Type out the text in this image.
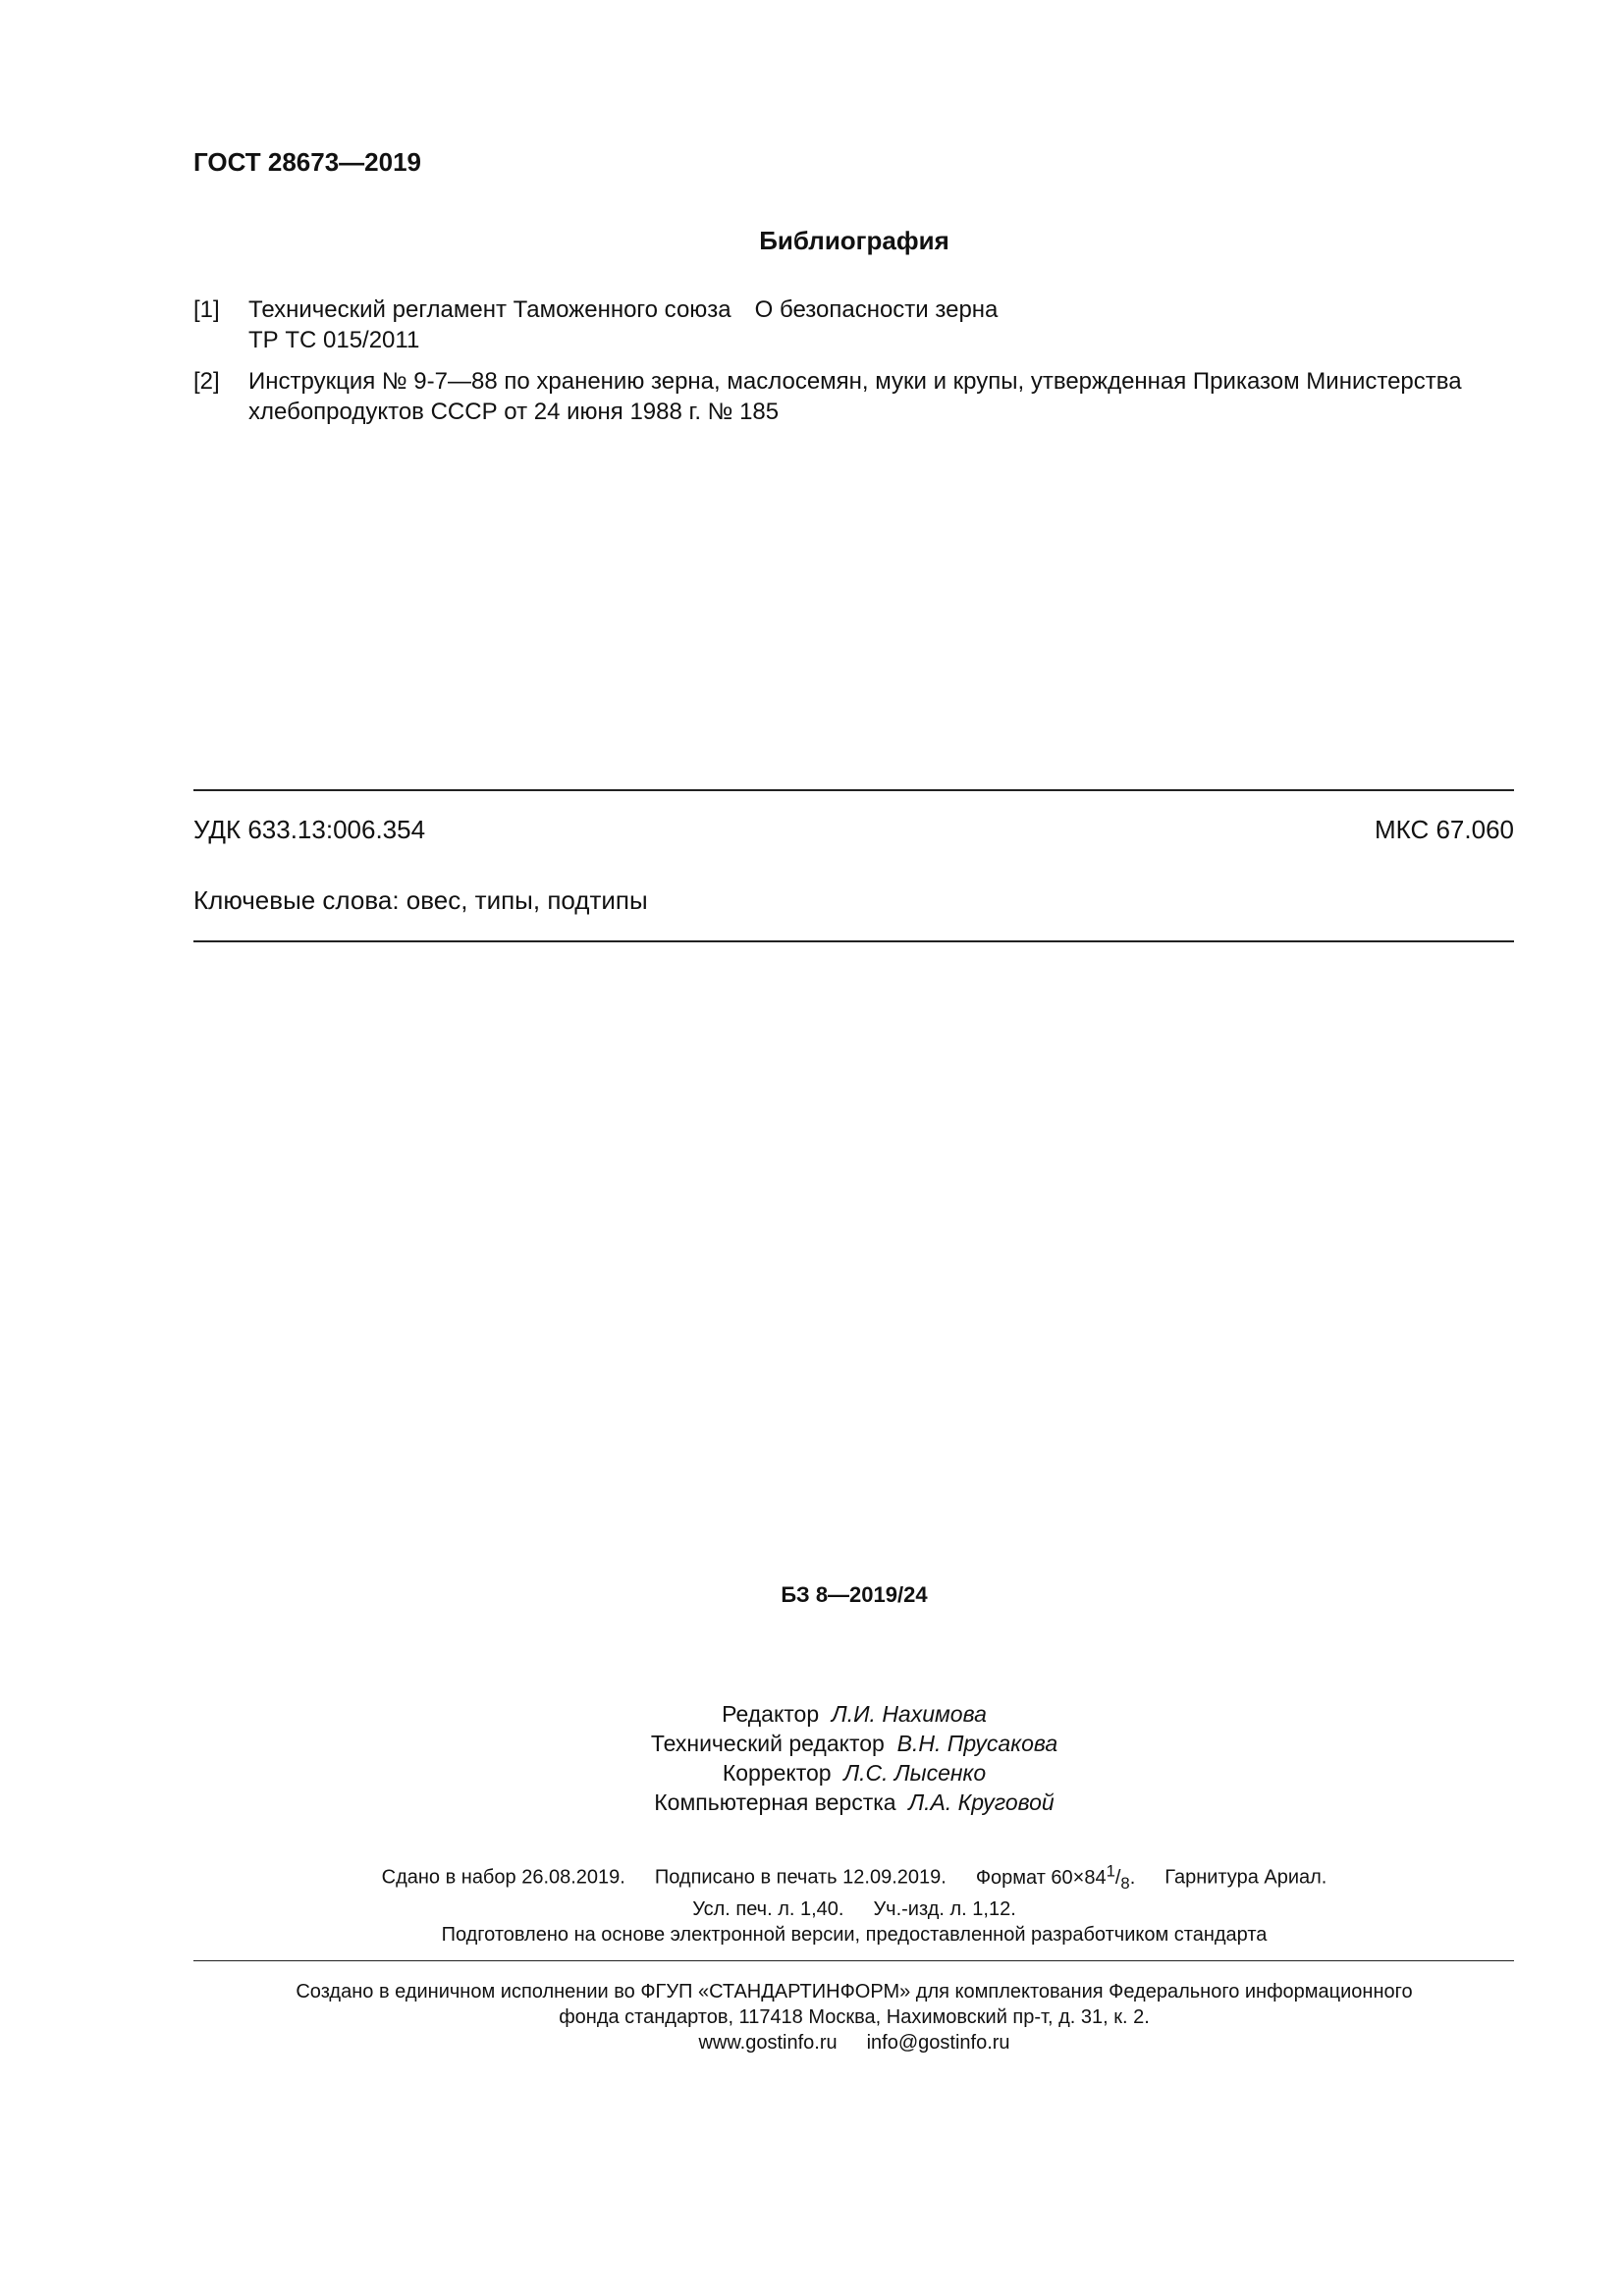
ГОСТ 28673—2019
Библиография
[1] Технический регламент Таможенного союза О безопасности зерна
ТР ТС 015/2011
[2] Инструкция № 9-7—88 по хранению зерна, маслосемян, муки и крупы, утвержденная Приказом Министерства
хлебопродуктов СССР от 24 июня 1988 г. № 185
УДК 633.13:006.354	МКС 67.060
Ключевые слова: овес, типы, подтипы
БЗ 8—2019/24
Редактор Л.И. Нахимова
Технический редактор В.Н. Прусакова
Корректор Л.С. Лысенко
Компьютерная верстка Л.А. Круговой
Сдано в набор 26.08.2019. Подписано в печать 12.09.2019. Формат $60\times 84^1/_8$. Гарнитура Ариал.
Усл. печ. л. 1,40. Уч.-изд. л. 1,12.
Подготовлено на основе электронной версии, предоставленной разработчиком стандарта
Создано в единичном исполнении во ФГУП «СТАНДАРТИНФОРМ» для комплектования Федерального информационного
фонда стандартов, 117418 Москва, Нахимовский пр-т, д. 31, к. 2.
www.gostinfo.ru info@gostinfo.ru
